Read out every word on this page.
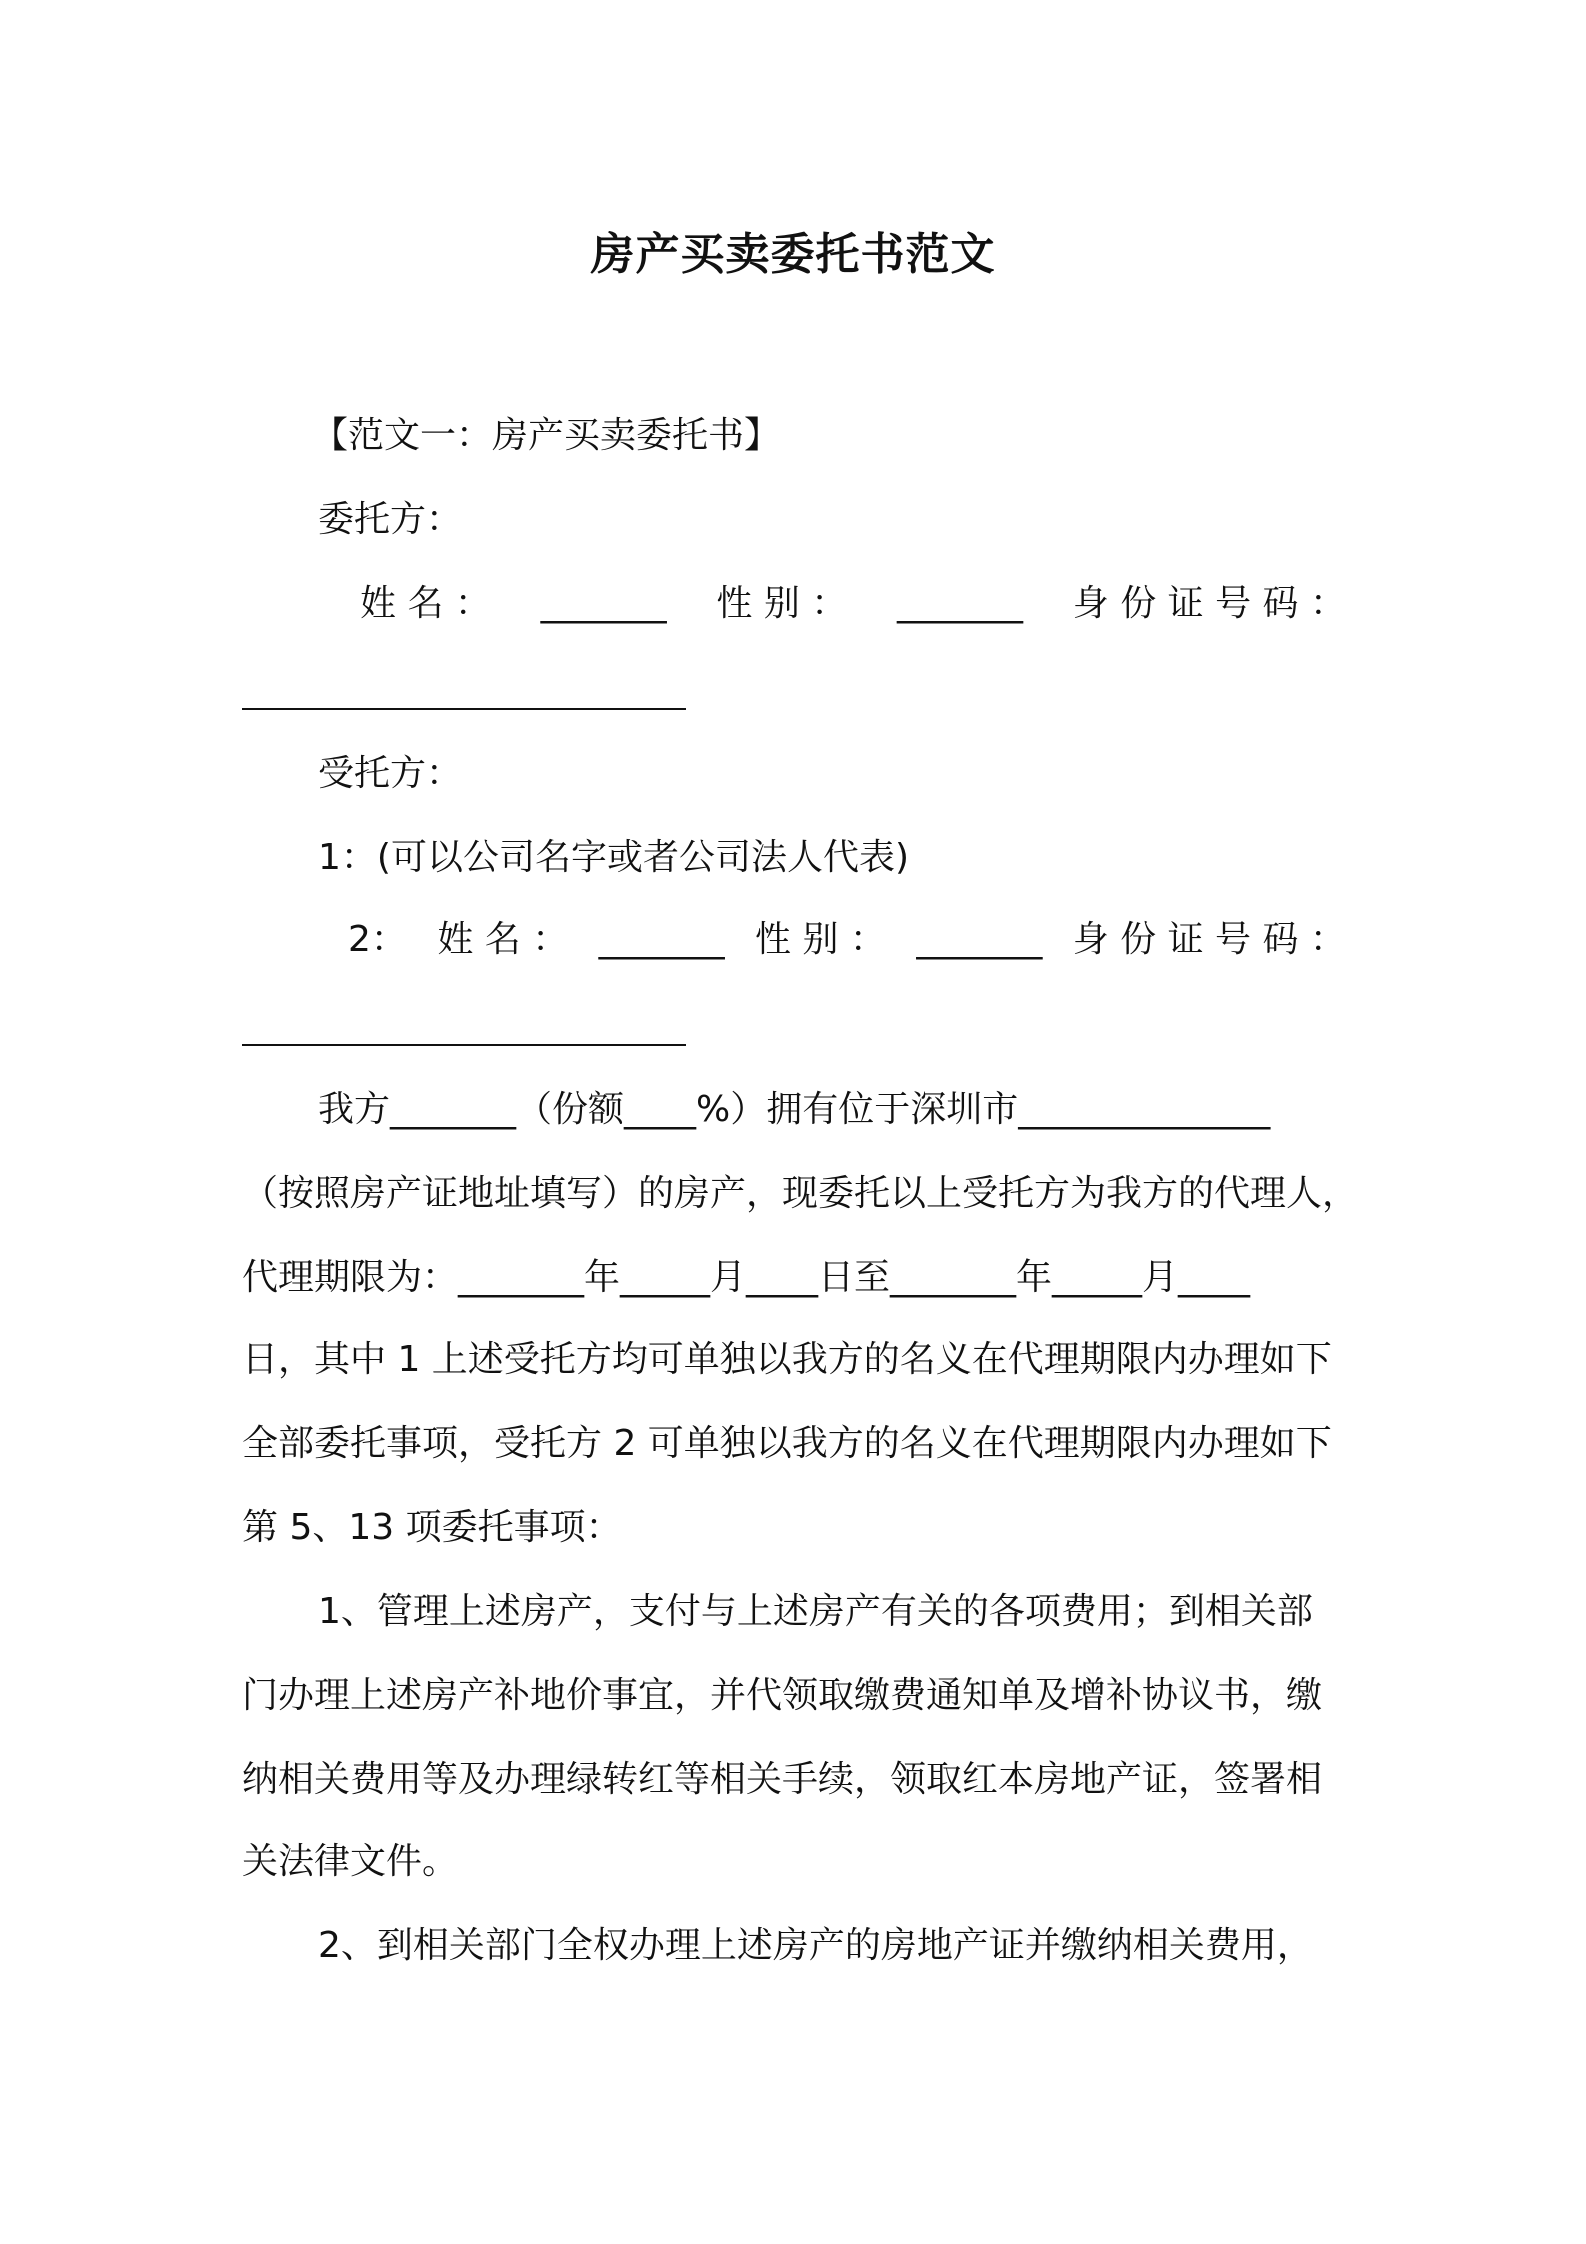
房产买卖委托书范文
【范文一：房产买卖委托书】
委托方：
姓 名 ： _______ 性 别 ： _______ 身 份 证 号 码 ：
受托方：
1：(可以公司名字或者公司法人代表)
2： 姓 名 ： _______ 性 别 ： _______ 身 份 证 号 码 ：
我方_______（份额____%）拥有位于深圳市______________
（按照房产证地址填写）的房产，现委托以上受托方为我方的代理人，
代理期限为：_______年_____月____日至_______年_____月____
日，其中 1 上述受托方均可单独以我方的名义在代理期限内办理如下
全部委托事项，受托方 2 可单独以我方的名义在代理期限内办理如下
第 5、13 项委托事项：
1、管理上述房产，支付与上述房产有关的各项费用；到相关部
门办理上述房产补地价事宜，并代领取缴费通知单及增补协议书，缴
纳相关费用等及办理绿转红等相关手续，领取红本房地产证，签署相
关法律文件。
2、到相关部门全权办理上述房产的房地产证并缴纳相关费用，
